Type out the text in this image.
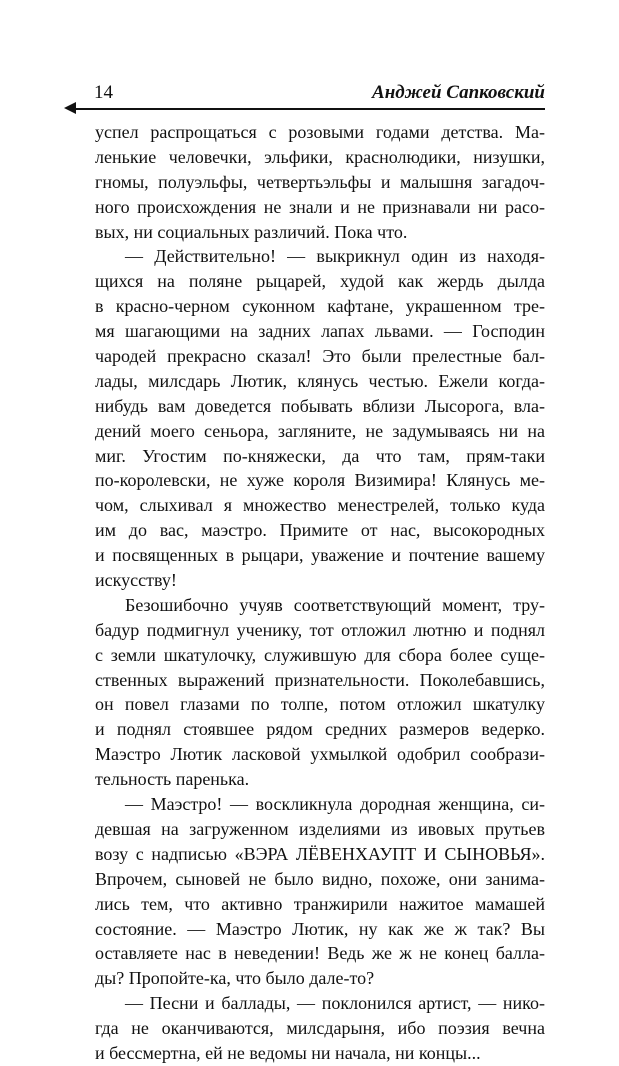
14	Анджей Сапковский
успел распрощаться с розовыми годами детства. Ма-
ленькие человечки, эльфики, краснолюдики, низушки,
гномы, полуэльфы, четвертьэльфы и малышня загадоч-
ного происхождения не знали и не признавали ни расо-
вых, ни социальных различий. Пока что.
— Действительно! — выкрикнул один из находя-
щихся на поляне рыцарей, худой как жердь дылда
в красно-черном суконном кафтане, украшенном тре-
мя шагающими на задних лапах львами. — Господин
чародей прекрасно сказал! Это были прелестные бал-
лады, милсдарь Лютик, клянусь честью. Ежели когда-
нибудь вам доведется побывать вблизи Лысорога, вла-
дений моего сеньора, загляните, не задумываясь ни на
миг. Угостим по-княжески, да что там, прям-таки
по-королевски, не хуже короля Визимира! Клянусь ме-
чом, слыхивал я множество менестрелей, только куда
им до вас, маэстро. Примите от нас, высокородных
и посвященных в рыцари, уважение и почтение вашему
искусству!
Безошибочно учуяв соответствующий момент, тру-
бадур подмигнул ученику, тот отложил лютню и поднял
с земли шкатулочку, служившую для сбора более суще-
ственных выражений признательности. Поколебавшись,
он повел глазами по толпе, потом отложил шкатулку
и поднял стоявшее рядом средних размеров ведерко.
Маэстро Лютик ласковой ухмылкой одобрил сообрази-
тельность паренька.
— Маэстро! — воскликнула дородная женщина, си-
девшая на загруженном изделиями из ивовых прутьев
возу с надписью «ВЭРА ЛЁВЕНХАУПТ И СЫНОВЬЯ».
Впрочем, сыновей не было видно, похоже, они занима-
лись тем, что активно транжирили нажитое мамашей
состояние. — Маэстро Лютик, ну как же ж так? Вы
оставляете нас в неведении! Ведь же ж не конец балла-
ды? Пропойте-ка, что было дале-то?
— Песни и баллады, — поклонился артист, — нико-
гда не оканчиваются, милсдарыня, ибо поэзия вечна
и бессмертна, ей не ведомы ни начала, ни концы...
